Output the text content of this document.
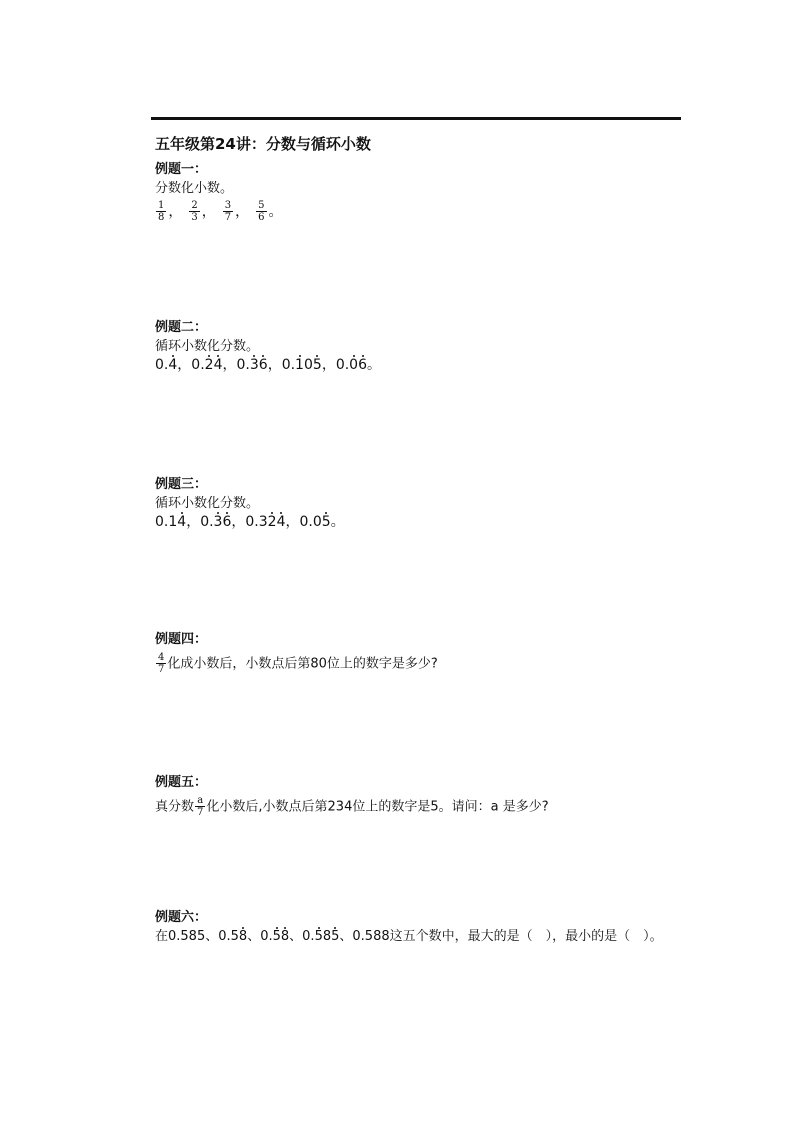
五年级第24讲：分数与循环小数
例题一：
分数化小数。
$\frac{1}{8}$ ， $\frac{2}{3}$ ， $\frac{3}{7}$ ， $\frac{5}{6}$ 。
例题二：
循环小数化分数。
0.4，0.24，0.36，0.105，0.06。
例题三：
循环小数化分数。
0.14，0.36，0.324，0.05。
例题四：
$\frac{4}{7}$ 化成小数后，小数点后第80位上的数字是多少?
例题五：
真分数 $\frac{a}{7}$ 化小数后,小数点后第234位上的数字是5。请问：a 是多少?
例题六：
在0.585、0.58、0.58、0.585、0.588这五个数中，最大的是（　），最小的是（　）。
